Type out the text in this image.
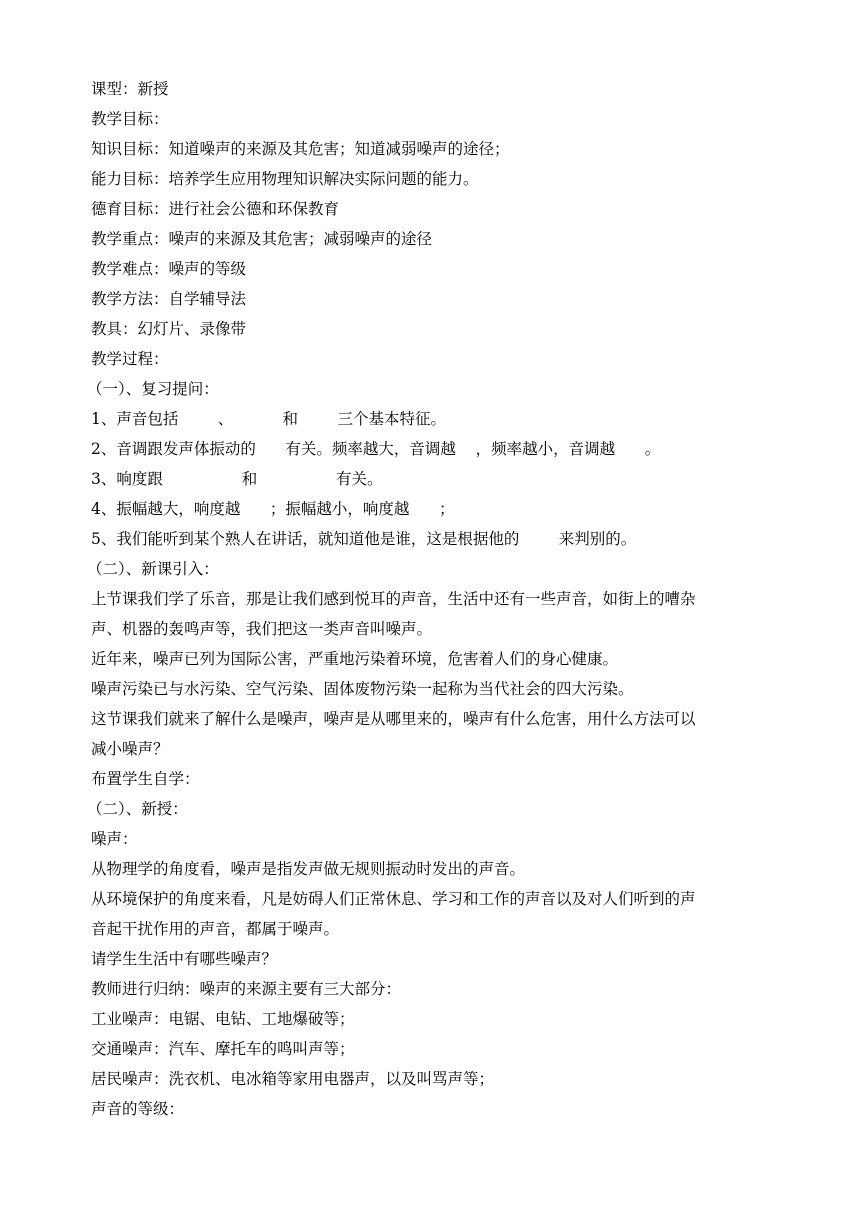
课型：新授
教学目标：
知识目标：知道噪声的来源及其危害；知道减弱噪声的途径；
能力目标：培养学生应用物理知识解决实际问题的能力。
德育目标：进行社会公德和环保教育
教学重点：噪声的来源及其危害；减弱噪声的途径
教学难点：噪声的等级
教学方法：自学辅导法
教具：幻灯片、录像带
教学过程：
（一）、复习提问：
1、声音包括        、          和        三个基本特征。
2、音调跟发声体振动的      有关。频率越大，音调越    ，频率越小，音调越      。
3、响度跟                和                有关。
4、振幅越大，响度越      ；振幅越小，响度越      ；
5、我们能听到某个熟人在讲话，就知道他是谁，这是根据他的        来判别的。
（二）、新课引入：
上节课我们学了乐音，那是让我们感到悦耳的声音，生活中还有一些声音，如街上的嘈杂
声、机器的轰鸣声等，我们把这一类声音叫噪声。
近年来，噪声已列为国际公害，严重地污染着环境，危害着人们的身心健康。
噪声污染已与水污染、空气污染、固体废物污染一起称为当代社会的四大污染。
这节课我们就来了解什么是噪声，噪声是从哪里来的，噪声有什么危害，用什么方法可以
减小噪声？
布置学生自学：
（二）、新授：
噪声：
从物理学的角度看，噪声是指发声做无规则振动时发出的声音。
从环境保护的角度来看，凡是妨碍人们正常休息、学习和工作的声音以及对人们听到的声
音起干扰作用的声音，都属于噪声。
请学生生活中有哪些噪声？
教师进行归纳：噪声的来源主要有三大部分：
工业噪声：电锯、电钻、工地爆破等；
交通噪声：汽车、摩托车的鸣叫声等；
居民噪声：洗衣机、电冰箱等家用电器声，以及叫骂声等；
声音的等级：
